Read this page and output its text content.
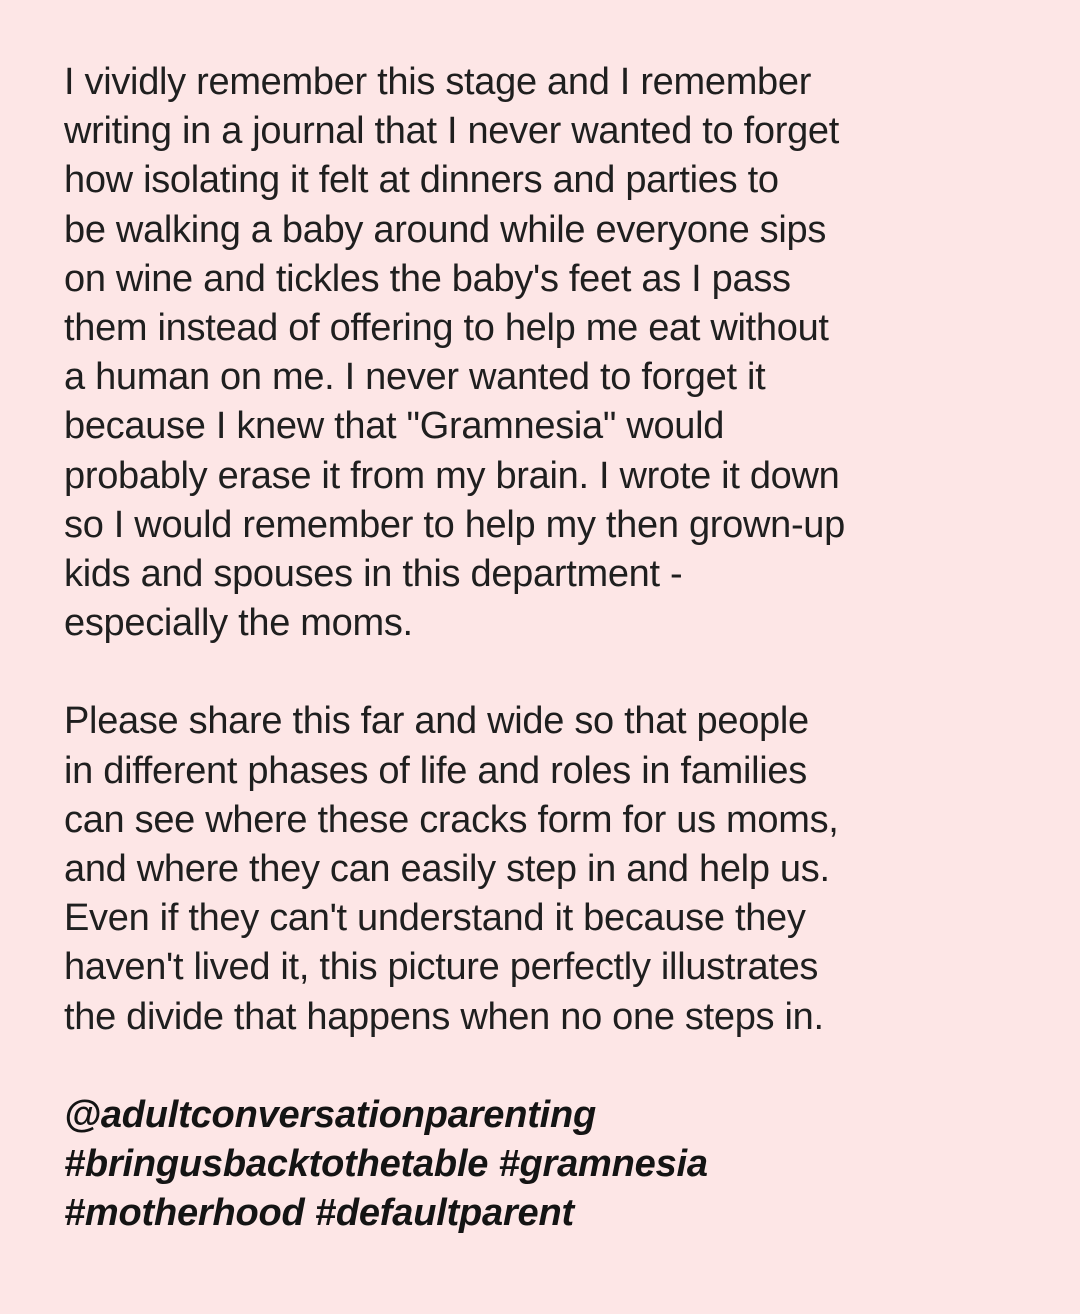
I vividly remember this stage and I remember
writing in a journal that I never wanted to forget
how isolating it felt at dinners and parties to
be walking a baby around while everyone sips
on wine and tickles the baby's feet as I pass
them instead of offering to help me eat without
a human on me. I never wanted to forget it
because I knew that "Gramnesia" would
probably erase it from my brain. I wrote it down
so I would remember to help my then grown-up
kids and spouses in this department -
especially the moms.
Please share this far and wide so that people
in different phases of life and roles in families
can see where these cracks form for us moms,
and where they can easily step in and help us.
Even if they can't understand it because they
haven't lived it, this picture perfectly illustrates
the divide that happens when no one steps in.
@adultconversationparenting
#bringusbacktothetable #gramnesia
#motherhood #defaultparent
